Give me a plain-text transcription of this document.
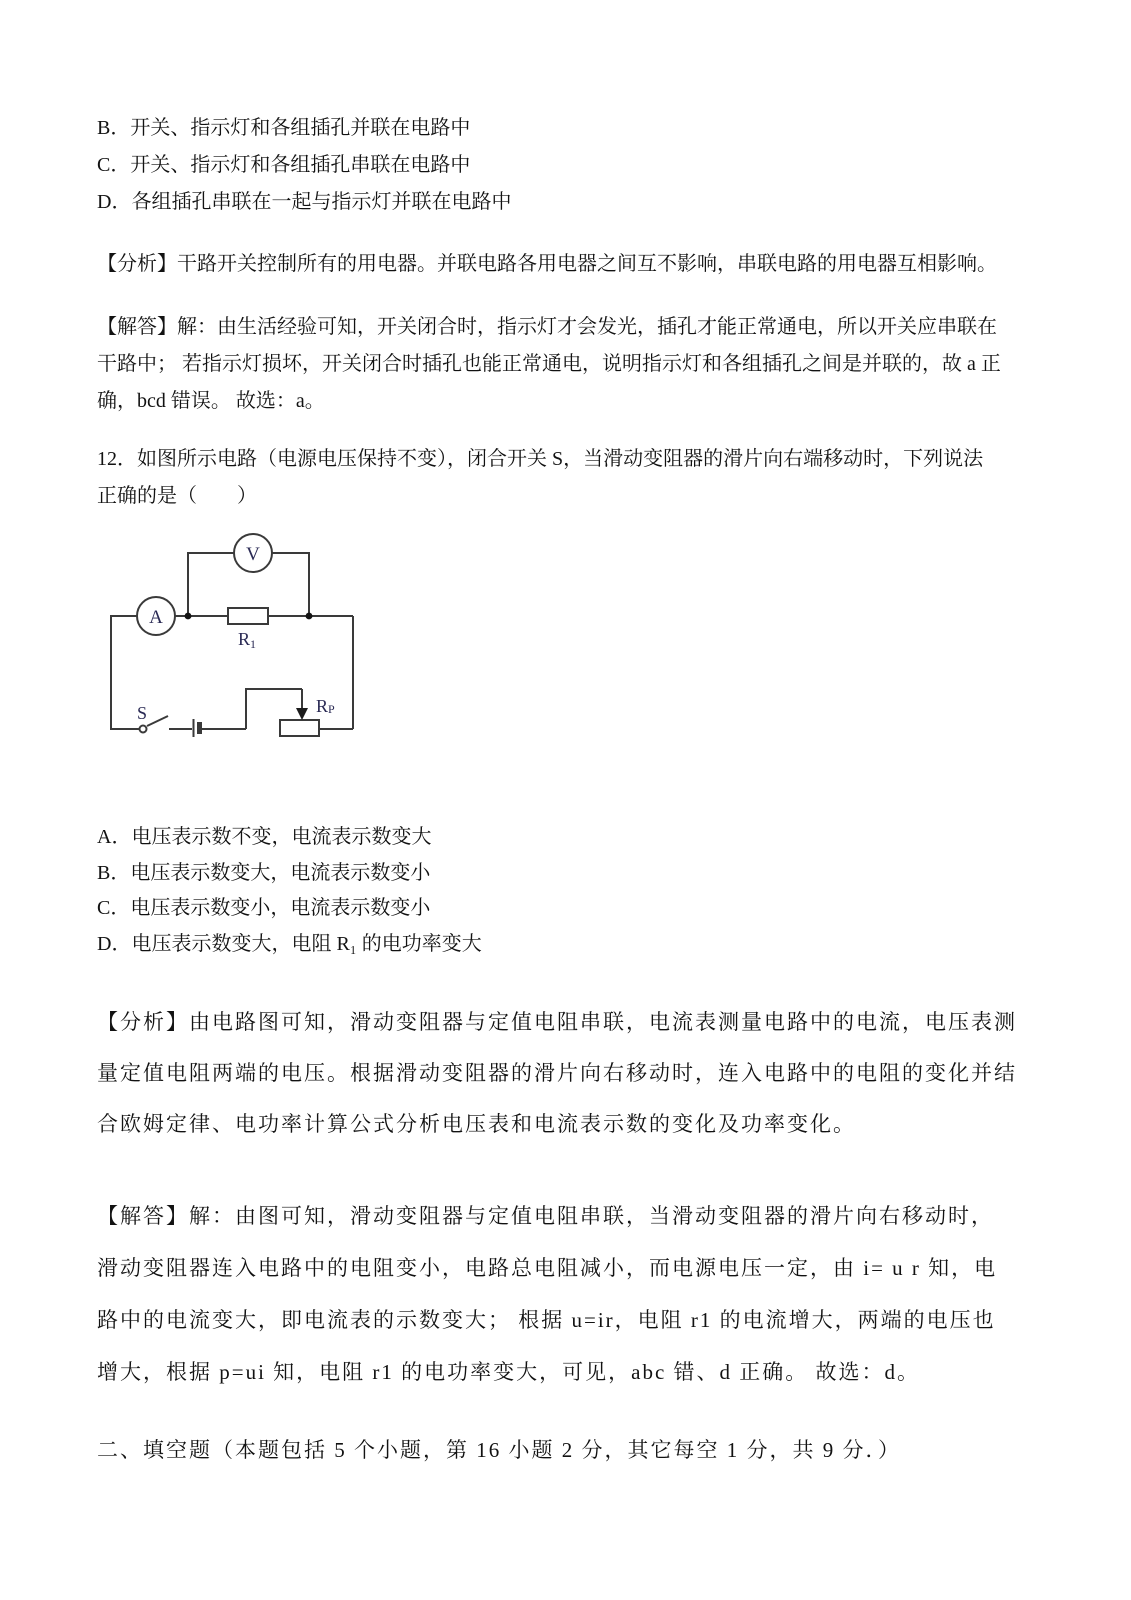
B．开关、指示灯和各组插孔并联在电路中
C．开关、指示灯和各组插孔串联在电路中
D．各组插孔串联在一起与指示灯并联在电路中
【分析】干路开关控制所有的用电器。并联电路各用电器之间互不影响，串联电路的用电器互相影响。
【解答】解：由生活经验可知，开关闭合时，指示灯才会发光，插孔才能正常通电，所以开关应串联在
干路中； 若指示灯损坏，开关闭合时插孔也能正常通电，说明指示灯和各组插孔之间是并联的，故 a 正
确，bcd 错误。 故选：a。
12．如图所示电路（电源电压保持不变），闭合开关 S，当滑动变阻器的滑片向右端移动时，下列说法
正确的是（　　）
V
A
R1
RP
S
A．电压表示数不变，电流表示数变大
B．电压表示数变大，电流表示数变小
C．电压表示数变小，电流表示数变小
D．电压表示数变大，电阻 R₁ 的电功率变大
【分析】由电路图可知，滑动变阻器与定值电阻串联，电流表测量电路中的电流，电压表测
量定值电阻两端的电压。根据滑动变阻器的滑片向右移动时，连入电路中的电阻的变化并结
合欧姆定律、电功率计算公式分析电压表和电流表示数的变化及功率变化。
【解答】解：由图可知，滑动变阻器与定值电阻串联，当滑动变阻器的滑片向右移动时，
滑动变阻器连入电路中的电阻变小，电路总电阻减小，而电源电压一定，由 i= u r 知，电
路中的电流变大，即电流表的示数变大； 根据 u=ir，电阻 r1 的电流增大，两端的电压也
增大，根据 p=ui 知，电阻 r1 的电功率变大，可见，abc 错、d 正确。 故选：d。
二、填空题（本题包括 5 个小题，第 16 小题 2 分，其它每空 1 分，共 9 分．）
